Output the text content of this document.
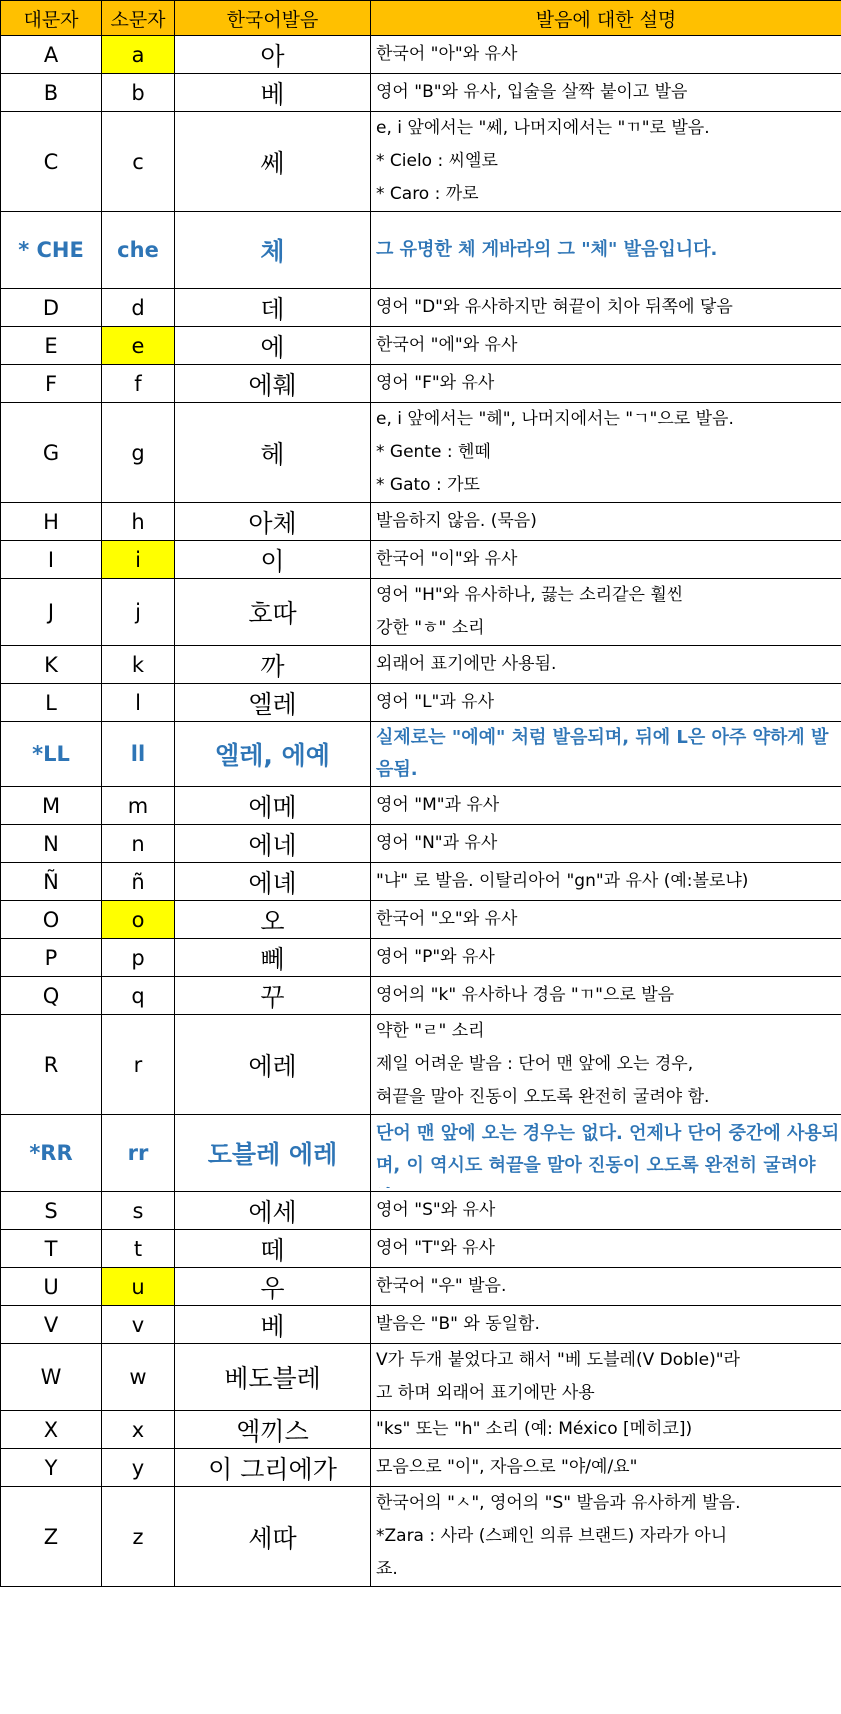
대문자	소문자	한국어발음	발음에 대한 설명
A	a	아	한국어 "아"와 유사

B	b	베	영어 "B"와 유사, 입술을 살짝 붙이고 발음

C	c	쎄	e, i 앞에서는 "쎄, 나머지에서는 "ㄲ"로 발음.
* Cielo : 씨엘로
* Caro : 까로

* CHE	che	체	그 유명한 체 게바라의 그 "체" 발음입니다.

D	d	데	영어 "D"와 유사하지만 혀끝이 치아 뒤쪽에 닿음

E	e	에	한국어 "에"와 유사

F	f	에훼	영어 "F"와 유사

G	g	헤	e, i 앞에서는 "헤", 나머지에서는 "ㄱ"으로 발음.
* Gente : 헨떼
* Gato : 가또

H	h	아체	발음하지 않음. (묵음)

I	i	이	한국어 "이"와 유사

J	j	호따	영어 "H"와 유사하나, 끓는 소리같은 훨씬
강한 "ㅎ" 소리

K	k	까	외래어 표기에만 사용됨.

L	l	엘레	영어 "L"과 유사

*LL	ll	엘레, 에예	실제로는 "에예" 처럼 발음되며, 뒤에 L은 아주 약하게 발음됨.

M	m	에메	영어 "M"과 유사

N	n	에네	영어 "N"과 유사

Ñ	ñ	에녜	"냐" 로 발음. 이탈리아어 "gn"과 유사 (예:볼로냐)

O	o	오	한국어 "오"와 유사

P	p	뻬	영어 "P"와 유사

Q	q	꾸	영어의 "k" 유사하나 경음 "ㄲ"으로 발음

R	r	에레	약한 "ㄹ" 소리
제일 어려운 발음 : 단어 맨 앞에 오는 경우,
혀끝을 말아 진동이 오도록 완전히 굴려야 함.

*RR	rr	도블레 에레	단어 맨 앞에 오는 경우는 없다. 언제나 단어 중간에 사용되며, 이 역시도 혀끝을 말아 진동이 오도록 완전히 굴려야

S	s	에세	영어 "S"와 유사

T	t	떼	영어 "T"와 유사

U	u	우	한국어 "우" 발음.

V	v	베	발음은 "B" 와 동일함.

W	w	베도블레	V가 두개 붙었다고 해서 "베 도블레(V Doble)"라
고 하며 외래어 표기에만 사용

X	x	엑끼스	"ks" 또는 "h" 소리 (예: México [메히코])

Y	y	이 그리에가	모음으로 "이", 자음으로 "야/예/요"

Z	z	세따	한국어의 "ㅅ", 영어의 "S" 발음과 유사하게 발음.
*Zara : 사라 (스페인 의류 브랜드) 자라가 아니
죠.
